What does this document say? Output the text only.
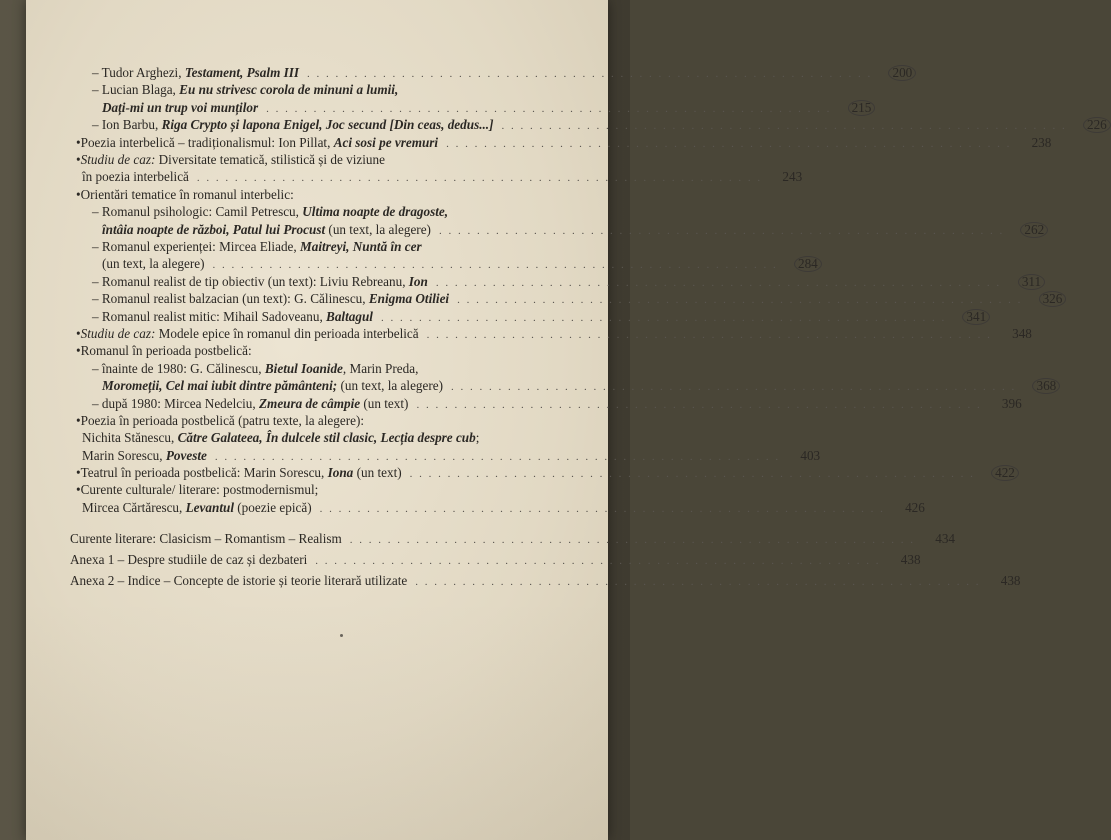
– Tudor Arghezi, Testament, Psalm III . . . . . . . . . . . . . . . . . . . . . . . . . . . . . . . . . . . . . . . . . . . . . . . . . . . . . . . . . . . .	200
– Lucian Blaga, Eu nu strivesc corola de minuni a lumii,
Dați-mi un trup voi munților . . . . . . . . . . . . . . . . . . . . . . . . . . . . . . . . . . . . . . . . . . . . . . . . . . . . . . . . . . . .	215
– Ion Barbu, Riga Crypto și lapona Enigel, Joc secund [Din ceas, dedus...] . . . . . . . . . . . . . . . . . . . . . . . . . . . . . . . . . . . . . . . . . . . . . . . . . . . . . . . . . . . .	226
•Poezia interbelică – tradiționalismul: Ion Pillat, Aci sosi pe vremuri . . . . . . . . . . . . . . . . . . . . . . . . . . . . . . . . . . . . . . . . . . . . . . . . . . . . . . . . . . . .	238
•Studiu de caz: Diversitate tematică, stilistică și de viziune
în poezia interbelică . . . . . . . . . . . . . . . . . . . . . . . . . . . . . . . . . . . . . . . . . . . . . . . . . . . . . . . . . . . .	243
•Orientări tematice în romanul interbelic:
– Romanul psihologic: Camil Petrescu, Ultima noapte de dragoste,
întâia noapte de război, Patul lui Procust (un text, la alegere) . . . . . . . . . . . . . . . . . . . . . . . . . . . . . . . . . . . . . . . . . . . . . . . . . . . . . . . . . . . .	262
– Romanul experienței: Mircea Eliade, Maitreyi, Nuntă în cer
(un text, la alegere) . . . . . . . . . . . . . . . . . . . . . . . . . . . . . . . . . . . . . . . . . . . . . . . . . . . . . . . . . . . .	284
– Romanul realist de tip obiectiv (un text): Liviu Rebreanu, Ion . . . . . . . . . . . . . . . . . . . . . . . . . . . . . . . . . . . . . . . . . . . . . . . . . . . . . . . . . . . .	311
– Romanul realist balzacian (un text): G. Călinescu, Enigma Otiliei . . . . . . . . . . . . . . . . . . . . . . . . . . . . . . . . . . . . . . . . . . . . . . . . . . . . . . . . . . . .	326
– Romanul realist mitic: Mihail Sadoveanu, Baltagul . . . . . . . . . . . . . . . . . . . . . . . . . . . . . . . . . . . . . . . . . . . . . . . . . . . . . . . . . . . .	341
•Studiu de caz: Modele epice în romanul din perioada interbelică . . . . . . . . . . . . . . . . . . . . . . . . . . . . . . . . . . . . . . . . . . . . . . . . . . . . . . . . . . . .	348
•Romanul în perioada postbelică:
– înainte de 1980: G. Călinescu, Bietul Ioanide, Marin Preda,
Moromeții, Cel mai iubit dintre pământeni; (un text, la alegere) . . . . . . . . . . . . . . . . . . . . . . . . . . . . . . . . . . . . . . . . . . . . . . . . . . . . . . . . . . . .	368
– după 1980: Mircea Nedelciu, Zmeura de câmpie (un text) . . . . . . . . . . . . . . . . . . . . . . . . . . . . . . . . . . . . . . . . . . . . . . . . . . . . . . . . . . . .	396
•Poezia în perioada postbelică (patru texte, la alegere):
Nichita Stănescu, Către Galateea, În dulcele stil clasic, Lecția despre cub;
Marin Sorescu, Poveste . . . . . . . . . . . . . . . . . . . . . . . . . . . . . . . . . . . . . . . . . . . . . . . . . . . . . . . . . . . .	403
•Teatrul în perioada postbelică: Marin Sorescu, Iona (un text) . . . . . . . . . . . . . . . . . . . . . . . . . . . . . . . . . . . . . . . . . . . . . . . . . . . . . . . . . . . .	422
•Curente culturale/ literare: postmodernismul;
Mircea Cărtărescu, Levantul (poezie epică) . . . . . . . . . . . . . . . . . . . . . . . . . . . . . . . . . . . . . . . . . . . . . . . . . . . . . . . . . . . .	426
Curente literare: Clasicism – Romantism – Realism . . . . . . . . . . . . . . . . . . . . . . . . . . . . . . . . . . . . . . . . . . . . . . . . . . . . . . . . . . . .	434
Anexa 1 – Despre studiile de caz și dezbateri . . . . . . . . . . . . . . . . . . . . . . . . . . . . . . . . . . . . . . . . . . . . . . . . . . . . . . . . . . . .	438
Anexa 2 – Indice – Concepte de istorie și teorie literară utilizate . . . . . . . . . . . . . . . . . . . . . . . . . . . . . . . . . . . . . . . . . . . . . . . . . . . . . . . . . . . .	438
